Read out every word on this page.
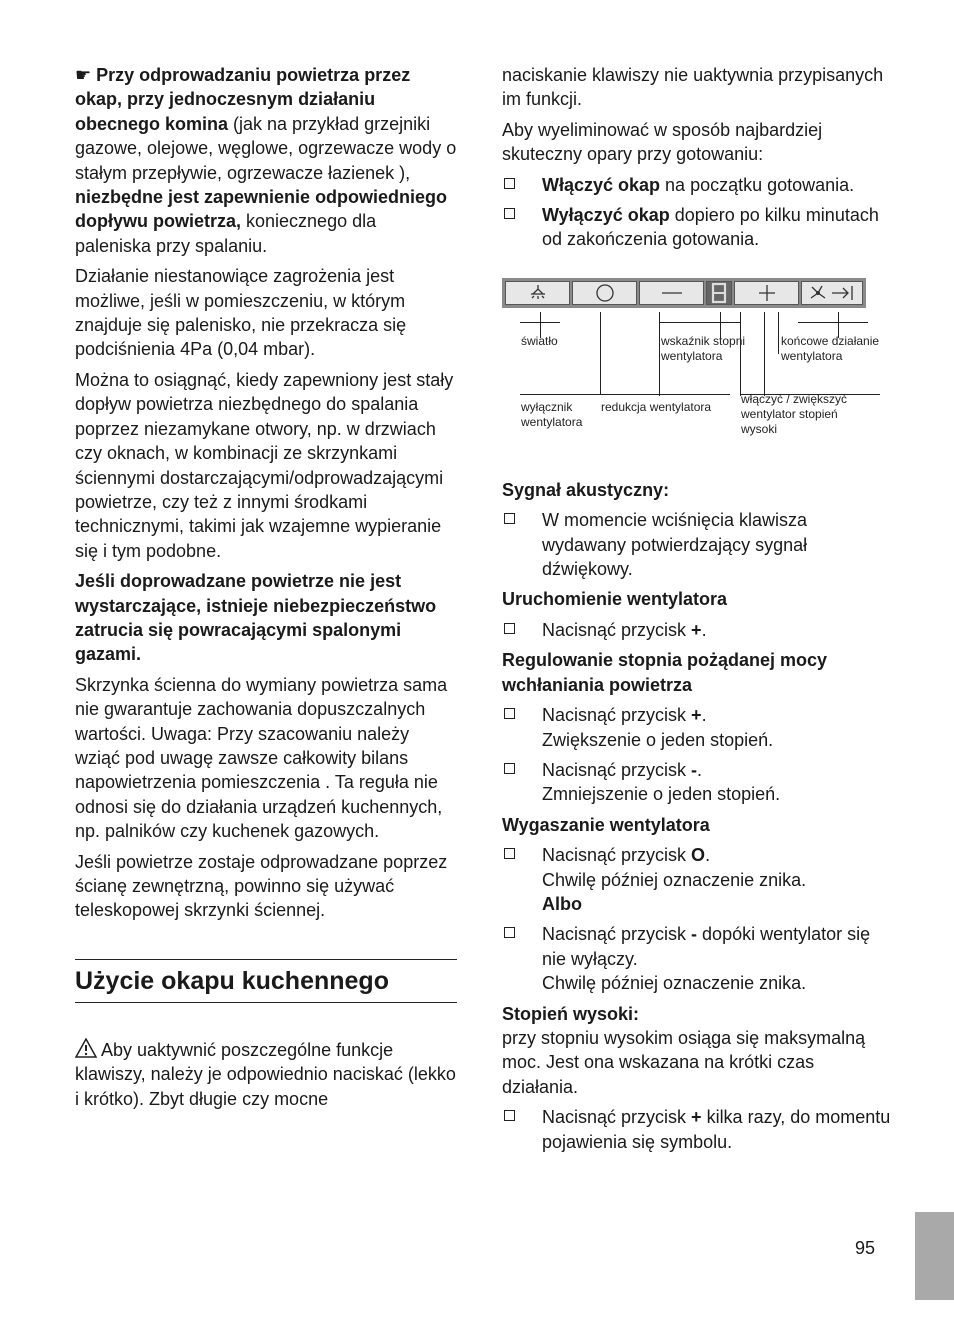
☛ Przy odprowadzaniu powietrza przez okap, przy jednoczesnym działaniu obecnego komina (jak na przykład grzejniki gazowe, olejowe, węglowe, ogrzewacze wody o stałym przepływie, ogrzewacze łazienek ), niezbędne jest zapewnienie odpowiedniego dopływu powietrza, koniecznego dla paleniska przy spalaniu.

Działanie niestanowiące zagrożenia jest możliwe, jeśli w pomieszczeniu, w którym znajduje się palenisko, nie przekracza się podciśnienia 4Pa (0,04 mbar).

Można to osiągnąć, kiedy zapewniony jest stały dopływ powietrza niezbędnego do spalania poprzez niezamykane otwory, np. w drzwiach czy oknach, w kombinacji ze skrzynkami ściennymi dostarczającymi/odprowadzającymi powietrze, czy też z innymi środkami technicznymi, takimi jak wzajemne wypieranie się i tym podobne.

Jeśli doprowadzane powietrze nie jest wystarczające, istnieje niebezpieczeństwo zatrucia się powracającymi spalonymi gazami.

Skrzynka ścienna do wymiany powietrza sama nie gwarantuje zachowania dopuszczalnych wartości. Uwaga: Przy szacowaniu należy wziąć pod uwagę zawsze całkowity bilans napowietrzenia pomieszczenia . Ta reguła nie odnosi się do działania urządzeń kuchennych, np. palników czy kuchenek gazowych.

Jeśli powietrze zostaje odprowadzane poprzez ścianę zewnętrzną, powinno się używać teleskopowej skrzynki ściennej.

Użycie okapu kuchennego

Aby uaktywnić poszczególne funkcje klawiszy, należy je odpowiednio naciskać (lekko i krótko). Zbyt długie czy mocne

naciskanie klawiszy nie uaktywnia przypisanych im funkcji.

Aby wyeliminować w sposób najbardziej skuteczny opary przy gotowaniu:

Włączyć okap na początku gotowania.
Wyłączyć okap dopiero po kilku minutach od zakończenia gotowania.
światło	wskaźnik stopni wentylatora
końcowe działanie wentylatora
wyłącznik wentylatora
redukcja wentylatora
włączyć / zwiększyć wentylator stopień wysoki

Sygnał akustyczny:

W momencie wciśnięcia klawisza wydawany potwierdzający sygnał dźwiękowy.

Uruchomienie wentylatora

Nacisnąć przycisk +.

Regulowanie stopnia pożądanej mocy wchłaniania powietrza

Nacisnąć przycisk +.
Zwiększenie o jeden stopień.
Nacisnąć przycisk -.
Zmniejszenie o jeden stopień.

Wygaszanie wentylatora

Nacisnąć przycisk O.
Chwilę później oznaczenie znika.
Albo
Nacisnąć przycisk - dopóki wentylator się nie wyłączy.
Chwilę później oznaczenie znika.

Stopień wysoki:

przy stopniu wysokim osiąga się maksymalną moc. Jest ona wskazana na krótki czas działania.

Nacisnąć przycisk + kilka razy, do momentu pojawienia się symbolu.
95
